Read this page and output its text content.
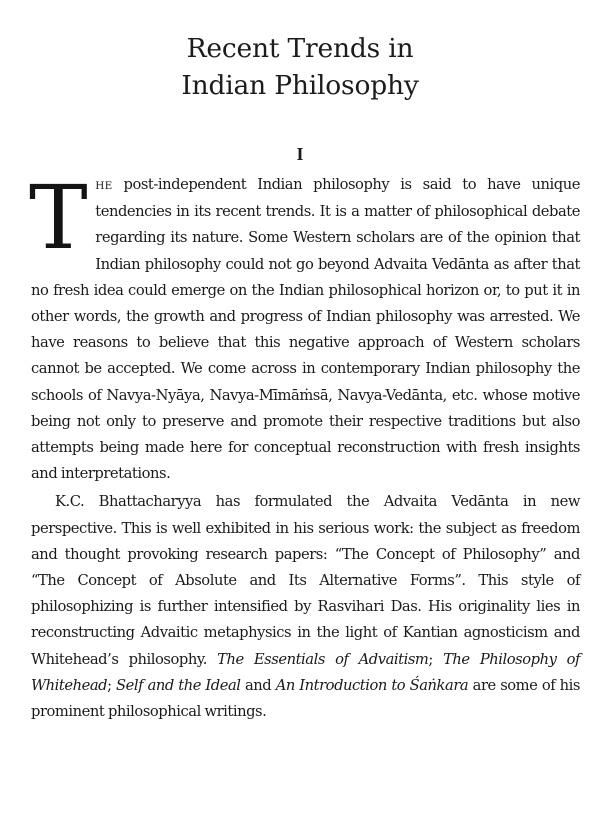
Recent Trends in
Indian Philosophy
I

THE post-independent Indian philosophy is said to have unique tendencies in its recent trends. It is a matter of philosophical debate regarding its nature. Some Western scholars are of the opinion that Indian philosophy could not go beyond Advaita Vedānta as after that no fresh idea could emerge on the Indian philosophical horizon or, to put it in other words, the growth and progress of Indian philosophy was arrested. We have reasons to believe that this negative approach of Western scholars cannot be accepted. We come across in contemporary Indian philosophy the schools of Navya-Nyāya, Navya-Mīmāṁsā, Navya-Vedānta, etc. whose motive being not only to preserve and promote their respective traditions but also attempts being made here for conceptual reconstruction with fresh insights and interpretations.

K.C. Bhattacharyya has formulated the Advaita Vedānta in new perspective. This is well exhibited in his serious work: the subject as freedom and thought provoking research papers: “The Concept of Philosophy” and “The Concept of Absolute and Its Alternative Forms”. This style of philosophizing is further intensified by Rasvihari Das. His originality lies in reconstructing Advaitic metaphysics in the light of Kantian agnosticism and Whitehead’s philosophy. The Essentials of Advaitism; The Philosophy of Whitehead; Self and the Ideal and An Introduction to Śaṅkara are some of his prominent philosophical writings.
